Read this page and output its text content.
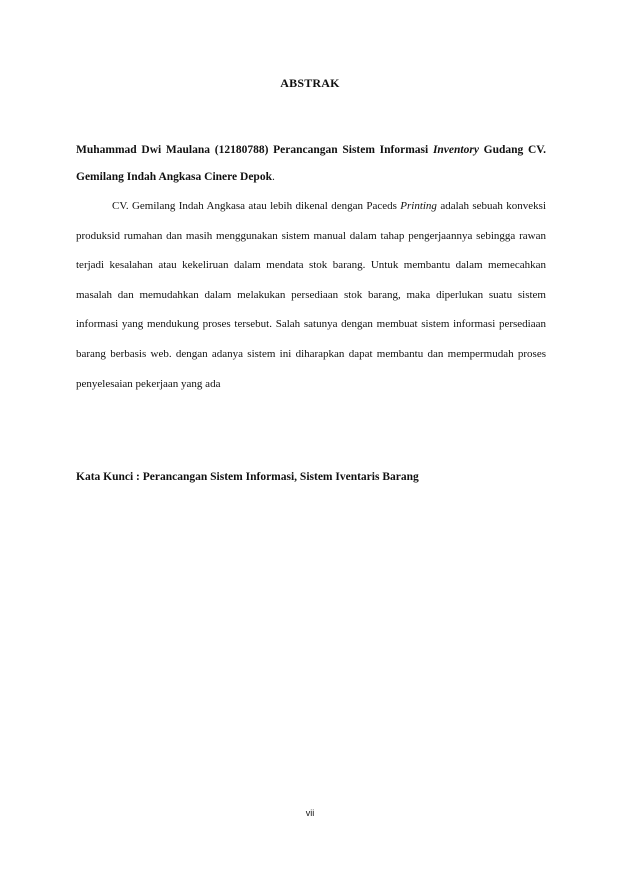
ABSTRAK
Muhammad Dwi Maulana (12180788) Perancangan Sistem Informasi Inventory Gudang CV. Gemilang Indah Angkasa Cinere Depok.
CV. Gemilang Indah Angkasa atau lebih dikenal dengan Paceds Printing adalah sebuah konveksi produksid rumahan dan masih menggunakan sistem manual dalam tahap pengerjaannya sebingga rawan terjadi kesalahan atau kekeliruan dalam mendata stok barang. Untuk membantu dalam memecahkan masalah dan memudahkan dalam melakukan persediaan stok barang, maka diperlukan suatu sistem informasi yang mendukung proses tersebut. Salah satunya dengan membuat sistem informasi persediaan barang berbasis web. dengan adanya sistem ini diharapkan dapat membantu dan mempermudah proses penyelesaian pekerjaan yang ada
Kata Kunci : Perancangan Sistem Informasi, Sistem Iventaris Barang
vii
